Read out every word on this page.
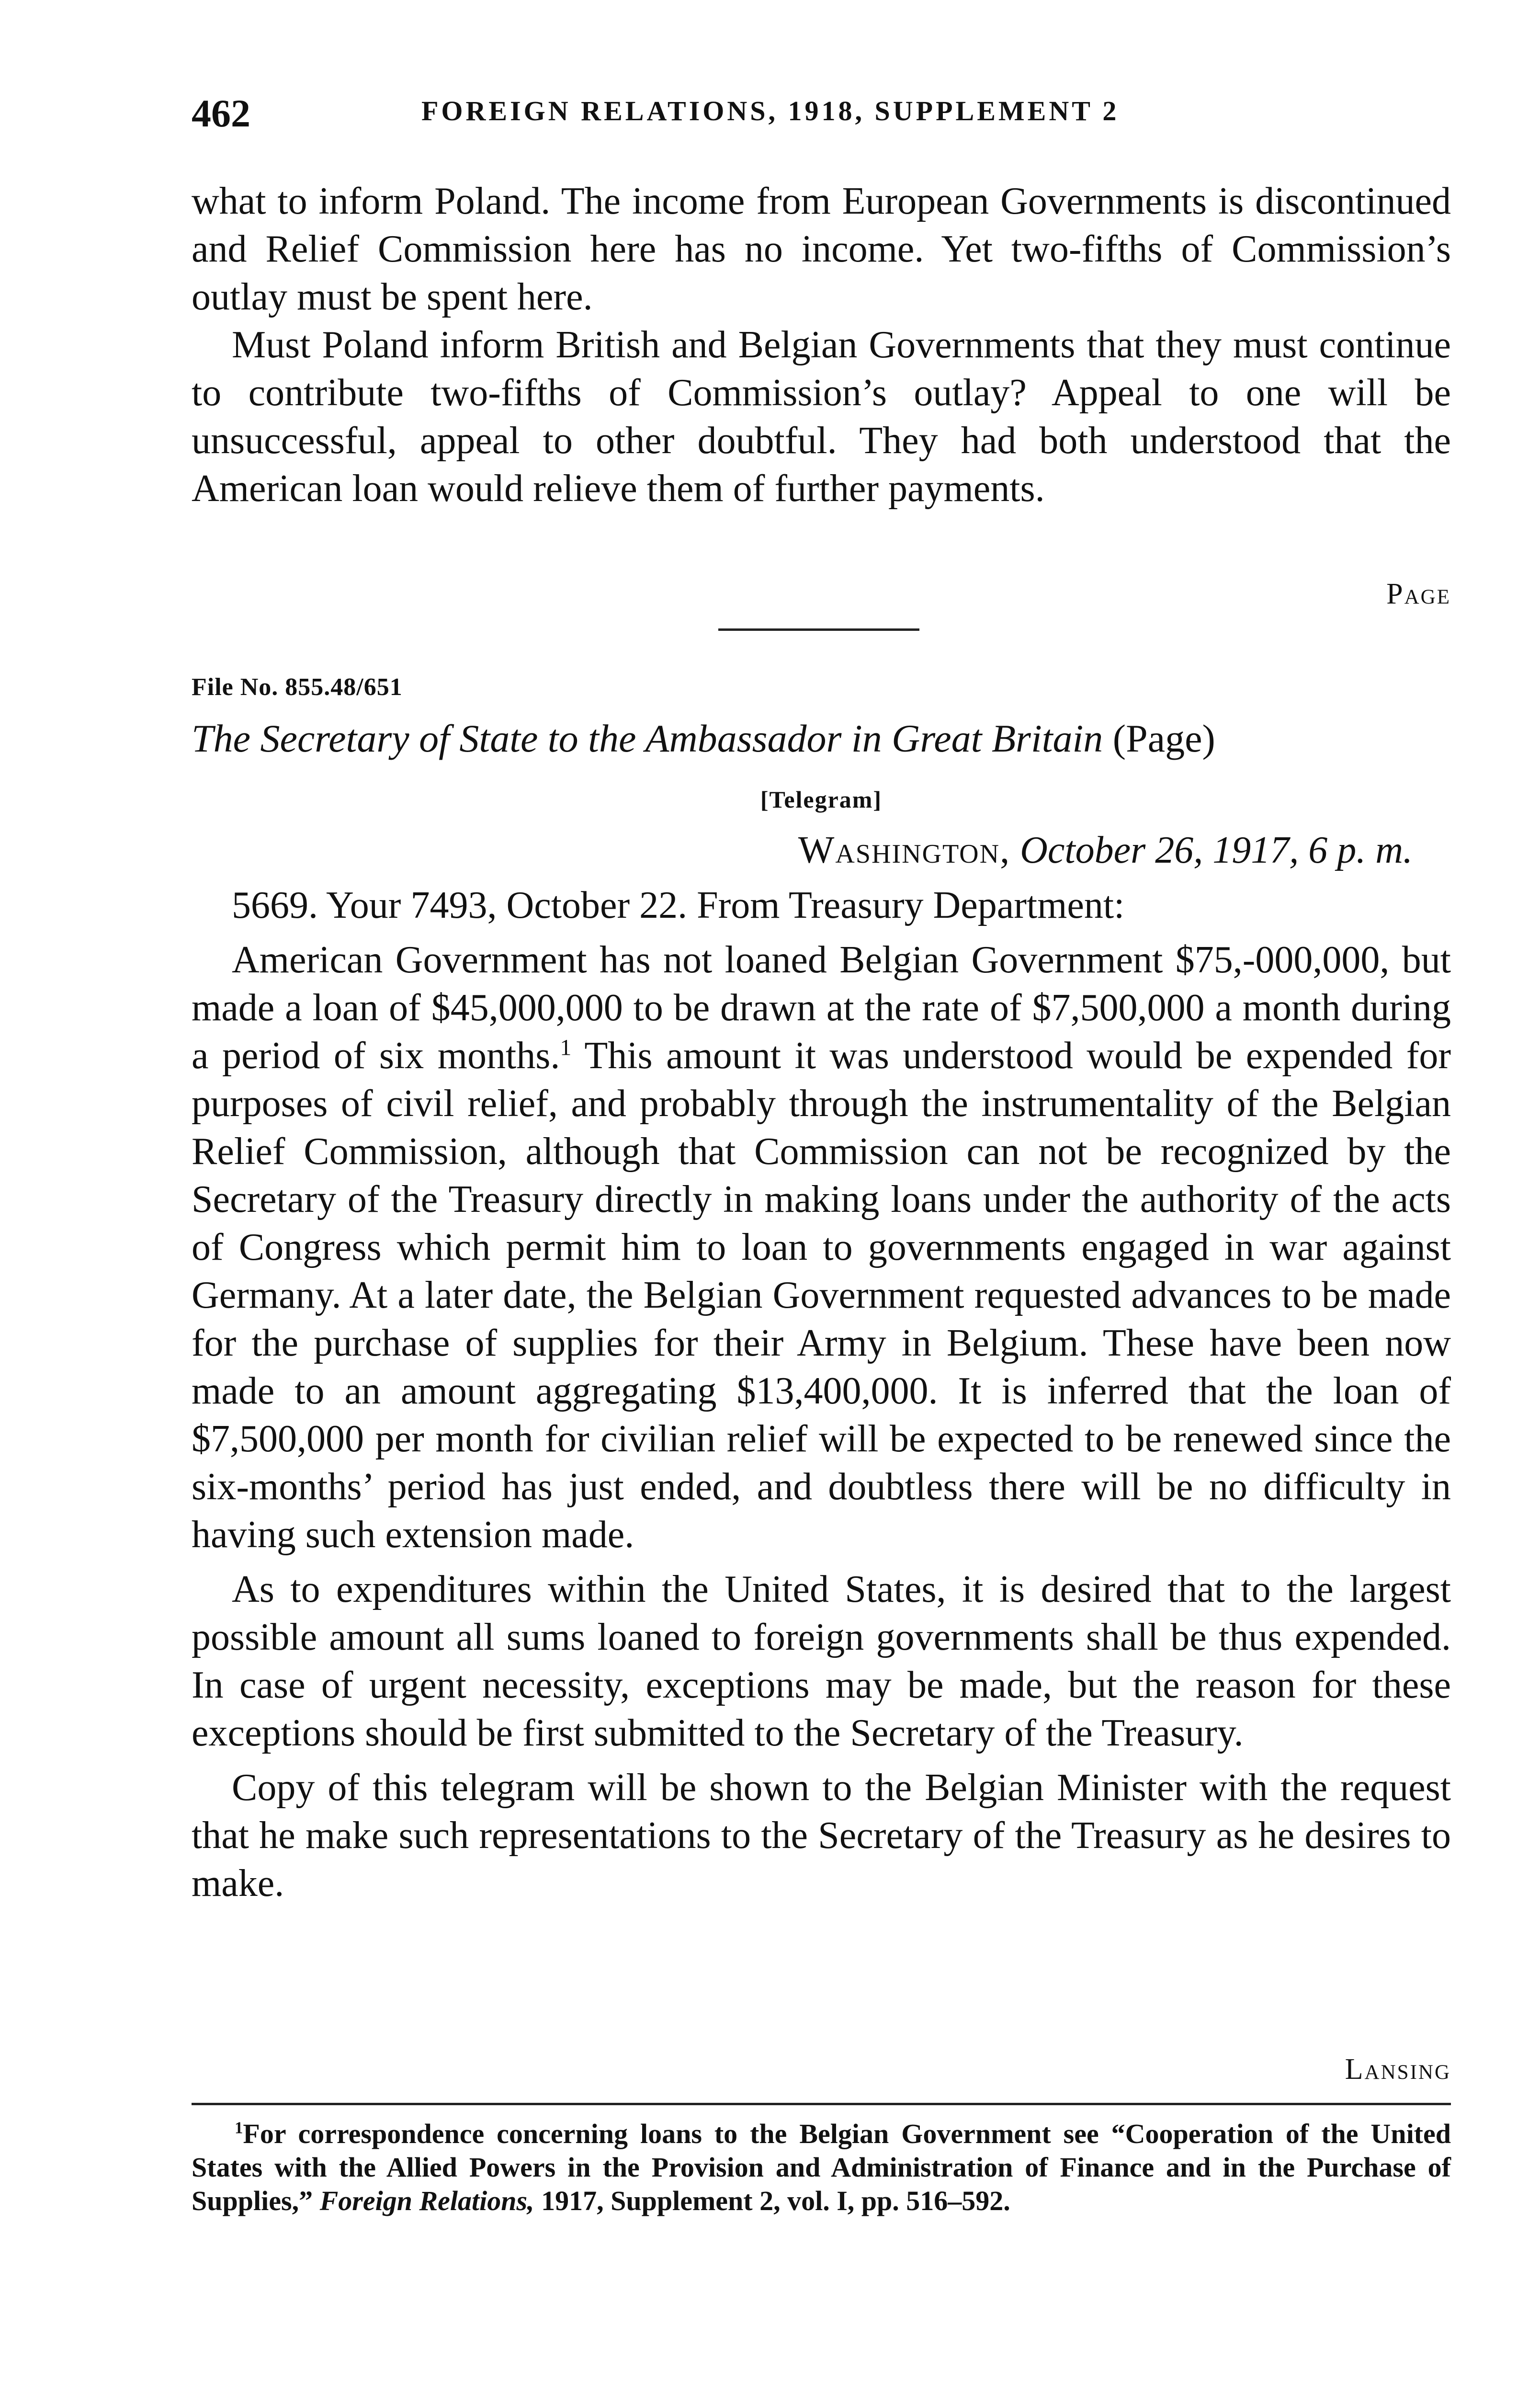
462	FOREIGN RELATIONS, 1918, SUPPLEMENT 2

what to inform Poland. The income from European Governments is discontinued and Relief Commission here has no income. Yet two-fifths of Commission’s outlay must be spent here.

Must Poland inform British and Belgian Governments that they must continue to contribute two-fifths of Commission’s outlay? Appeal to one will be unsuccessful, appeal to other doubtful. They had both understood that the American loan would relieve them of further payments.

Page
File No. 855.48/651
The Secretary of State to the Ambassador in Great Britain (Page)
[Telegram]
Washington, October 26, 1917, 6 p. m.

5669. Your 7493, October 22. From Treasury Department:

American Government has not loaned Belgian Government $75,-000,000, but made a loan of $45,000,000 to be drawn at the rate of $7,500,000 a month during a period of six months.$^1$ This amount it was understood would be expended for purposes of civil relief, and probably through the instrumentality of the Belgian Relief Commission, although that Commission can not be recognized by the Secretary of the Treasury directly in making loans under the authority of the acts of Congress which permit him to loan to governments engaged in war against Germany. At a later date, the Belgian Government requested advances to be made for the purchase of supplies for their Army in Belgium. These have been now made to an amount aggregating $13,400,000. It is inferred that the loan of $7,500,000 per month for civilian relief will be expected to be renewed since the six-months’ period has just ended, and doubtless there will be no difficulty in having such extension made.

As to expenditures within the United States, it is desired that to the largest possible amount all sums loaned to foreign governments shall be thus expended. In case of urgent necessity, exceptions may be made, but the reason for these exceptions should be first submitted to the Secretary of the Treasury.

Copy of this telegram will be shown to the Belgian Minister with the request that he make such representations to the Secretary of the Treasury as he desires to make.

Lansing

$^1$For correspondence concerning loans to the Belgian Government see “Cooperation of the United States with the Allied Powers in the Provision and Administration of Finance and in the Purchase of Supplies,” Foreign Relations, 1917, Supplement 2, vol. I, pp. 516–592.
